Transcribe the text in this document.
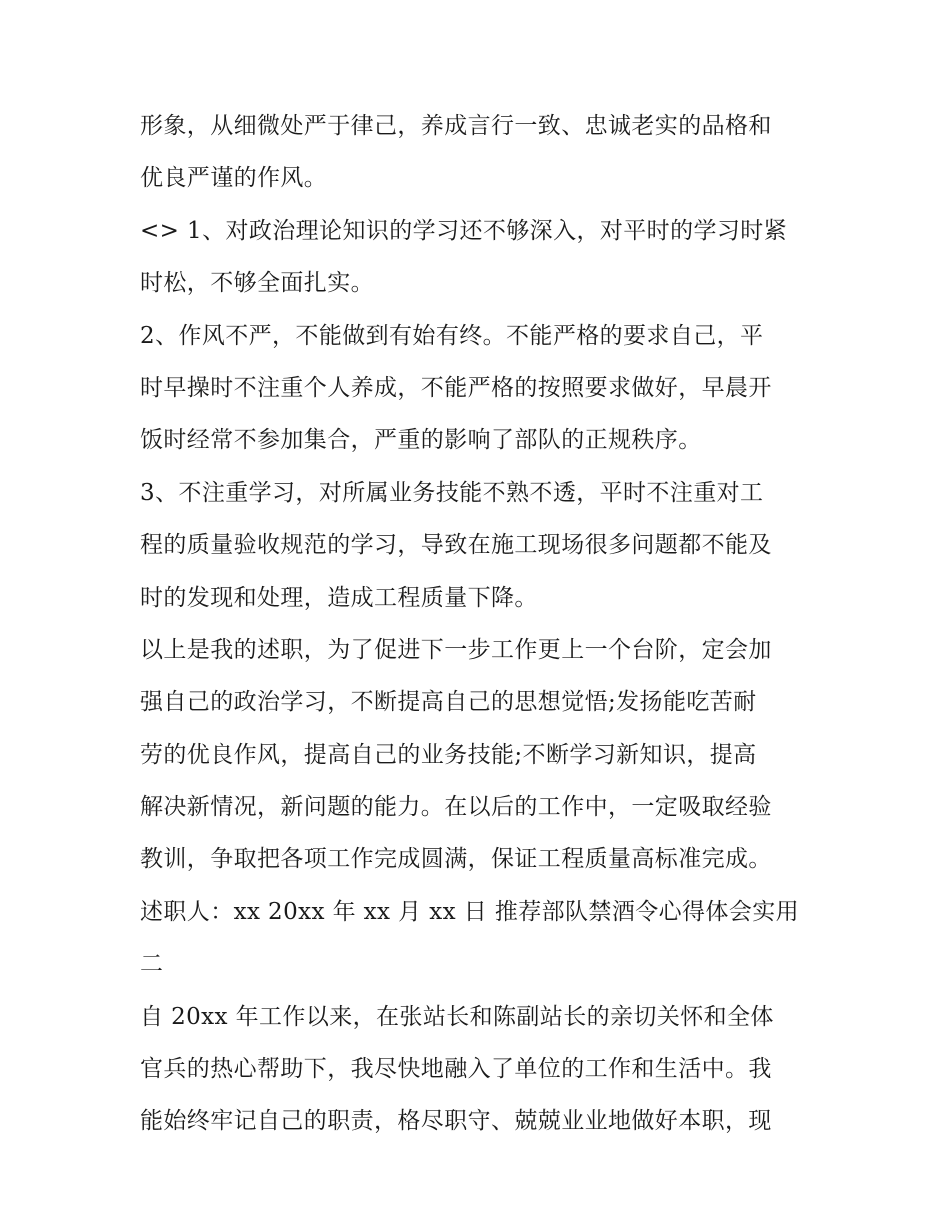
形象，从细微处严于律己，养成言行一致、忠诚老实的品格和
优良严谨的作风。
<> 1、对政治理论知识的学习还不够深入，对平时的学习时紧
时松，不够全面扎实。
2、作风不严，不能做到有始有终。不能严格的要求自己，平
时早操时不注重个人养成，不能严格的按照要求做好，早晨开
饭时经常不参加集合，严重的影响了部队的正规秩序。
3、不注重学习，对所属业务技能不熟不透，平时不注重对工
程的质量验收规范的学习，导致在施工现场很多问题都不能及
时的发现和处理，造成工程质量下降。
以上是我的述职，为了促进下一步工作更上一个台阶，定会加
强自己的政治学习，不断提高自己的思想觉悟;发扬能吃苦耐
劳的优良作风，提高自己的业务技能;不断学习新知识，提高
解决新情况，新问题的能力。在以后的工作中，一定吸取经验
教训，争取把各项工作完成圆满，保证工程质量高标准完成。
述职人：xx 20xx 年 xx 月 xx 日 推荐部队禁酒令心得体会实用
二
自 20xx 年工作以来，在张站长和陈副站长的亲切关怀和全体
官兵的热心帮助下，我尽快地融入了单位的工作和生活中。我
能始终牢记自己的职责，格尽职守、兢兢业业地做好本职，现
